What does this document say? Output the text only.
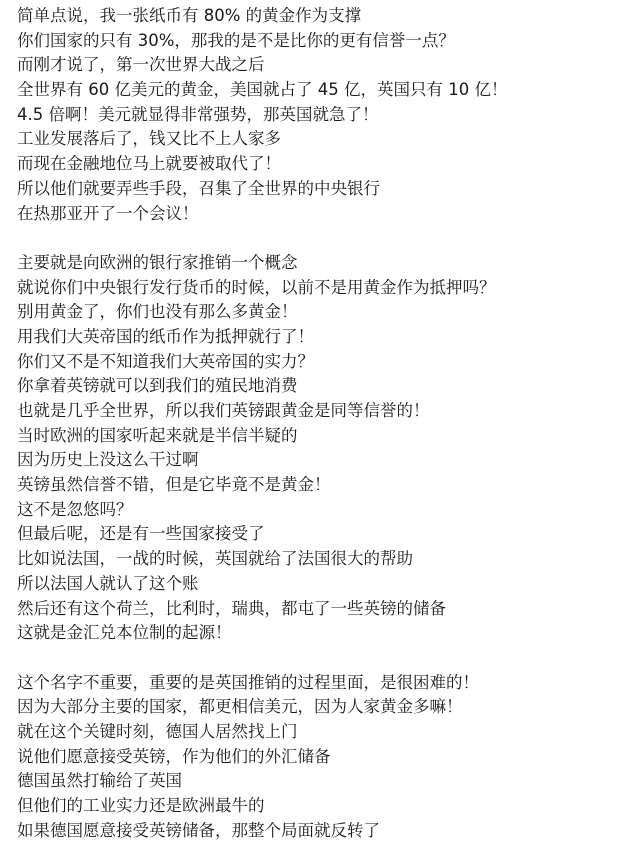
简单点说，我一张纸币有 80% 的黄金作为支撑
你们国家的只有 30%，那我的是不是比你的更有信誉一点？
而刚才说了，第一次世界大战之后
全世界有 60 亿美元的黄金，美国就占了 45 亿，英国只有 10 亿！
4.5 倍啊！美元就显得非常强势，那英国就急了！
工业发展落后了，钱又比不上人家多
而现在金融地位马上就要被取代了！
所以他们就要弄些手段，召集了全世界的中央银行
在热那亚开了一个会议！
主要就是向欧洲的银行家推销一个概念
就说你们中央银行发行货币的时候，以前不是用黄金作为抵押吗？
别用黄金了，你们也没有那么多黄金！
用我们大英帝国的纸币作为抵押就行了！
你们又不是不知道我们大英帝国的实力？
你拿着英镑就可以到我们的殖民地消费
也就是几乎全世界，所以我们英镑跟黄金是同等信誉的！
当时欧洲的国家听起来就是半信半疑的
因为历史上没这么干过啊
英镑虽然信誉不错，但是它毕竟不是黄金！
这不是忽悠吗？
但最后呢，还是有一些国家接受了
比如说法国，一战的时候，英国就给了法国很大的帮助
所以法国人就认了这个账
然后还有这个荷兰，比利时，瑞典，都屯了一些英镑的储备
这就是金汇兑本位制的起源！
这个名字不重要，重要的是英国推销的过程里面，是很困难的！
因为大部分主要的国家，都更相信美元，因为人家黄金多嘛！
就在这个关键时刻，德国人居然找上门
说他们愿意接受英镑，作为他们的外汇储备
德国虽然打输给了英国
但他们的工业实力还是欧洲最牛的
如果德国愿意接受英镑储备，那整个局面就反转了
